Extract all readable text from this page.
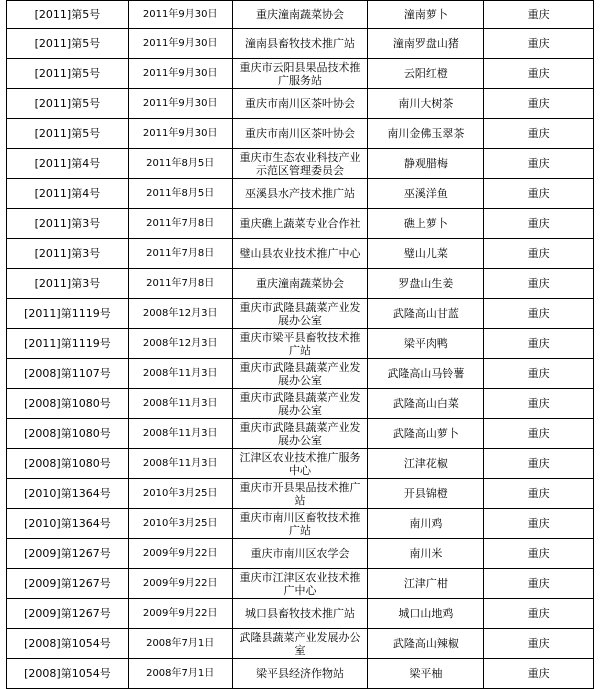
[2011]第5号	2011年9月30日	重庆潼南蔬菜协会	潼南萝卜	重庆
[2011]第5号	2011年9月30日	潼南县畜牧技术推广站	潼南罗盘山猪	重庆
[2011]第5号	2011年9月30日	重庆市云阳县果品技术推广服务站	云阳红橙	重庆
[2011]第5号	2011年9月30日	重庆市南川区茶叶协会	南川大树茶	重庆
[2011]第5号	2011年9月30日	重庆市南川区茶叶协会	南川金佛玉翠茶	重庆
[2011]第4号	2011年8月5日	重庆市生态农业科技产业示范区管理委员会	静观腊梅	重庆
[2011]第4号	2011年8月5日	巫溪县水产技术推广站	巫溪洋鱼	重庆
[2011]第3号	2011年7月8日	重庆礁上蔬菜专业合作社	礁上萝卜	重庆
[2011]第3号	2011年7月8日	璧山县农业技术推广中心	璧山儿菜	重庆
[2011]第3号	2011年7月8日	重庆潼南蔬菜协会	罗盘山生姜	重庆
[2011]第1119号	2008年12月3日	重庆市武隆县蔬菜产业发展办公室	武隆高山甘蓝	重庆
[2011]第1119号	2008年12月3日	重庆市梁平县畜牧技术推广站	梁平肉鸭	重庆
[2008]第1107号	2008年11月3日	重庆市武隆县蔬菜产业发展办公室	武隆高山马铃薯	重庆
[2008]第1080号	2008年11月3日	重庆市武隆县蔬菜产业发展办公室	武隆高山白菜	重庆
[2008]第1080号	2008年11月3日	重庆市武隆县蔬菜产业发展办公室	武隆高山萝卜	重庆
[2008]第1080号	2008年11月3日	江津区农业技术推广服务中心	江津花椒	重庆
[2010]第1364号	2010年3月25日	重庆市开县果品技术推广站	开县锦橙	重庆
[2010]第1364号	2010年3月25日	重庆市南川区畜牧技术推广站	南川鸡	重庆
[2009]第1267号	2009年9月22日	重庆市南川区农学会	南川米	重庆
[2009]第1267号	2009年9月22日	重庆市江津区农业技术推广中心	江津广柑	重庆
[2009]第1267号	2009年9月22日	城口县畜牧技术推广站	城口山地鸡	重庆
[2008]第1054号	2008年7月1日	武隆县蔬菜产业发展办公室	武隆高山辣椒	重庆
[2008]第1054号	2008年7月1日	梁平县经济作物站	梁平柚	重庆
